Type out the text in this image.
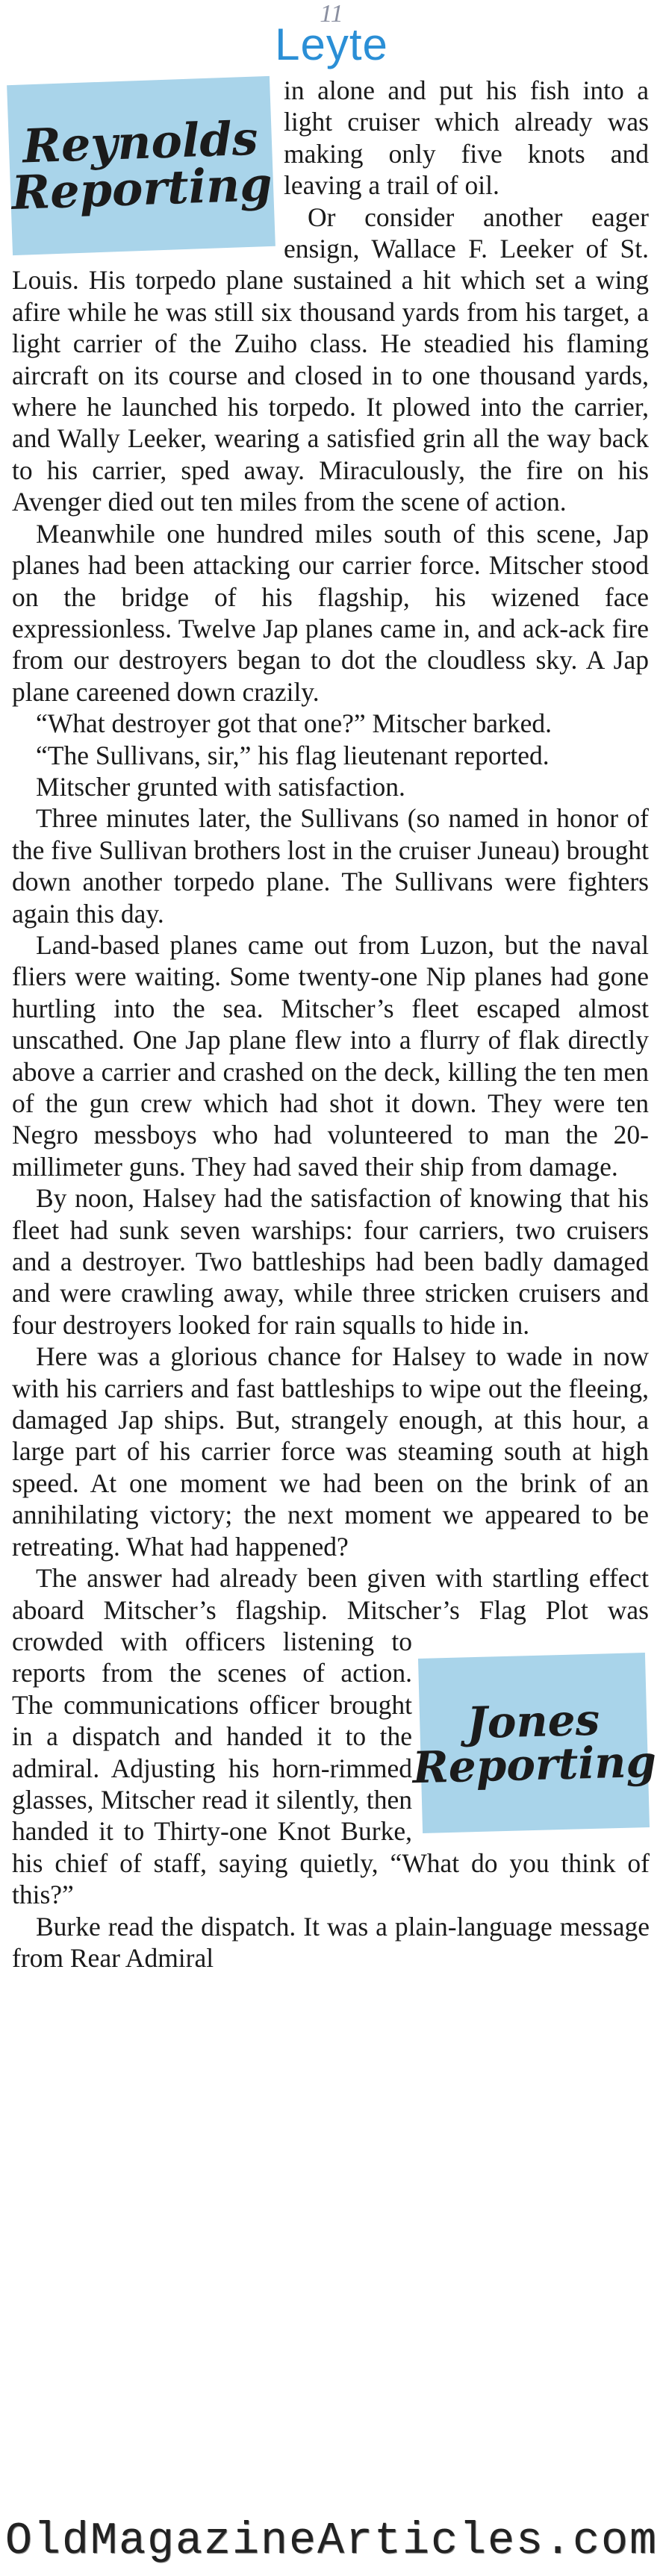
11
Leyte
Reynolds
Reporting
Jones
Reporting

in alone and put his fish into a light cruiser which already was making only five knots and leaving a trail of oil.

Or consider another eager ensign, Wallace F. Leeker of St. Louis. His torpedo plane sustained a hit which set a wing afire while he was still six thousand yards from his target, a light carrier of the Zuiho class. He steadied his flaming aircraft on its course and closed in to one thousand yards, where he launched his torpedo. It plowed into the carrier, and Wally Leeker, wearing a satisfied grin all the way back to his carrier, sped away. Miraculously, the fire on his Avenger died out ten miles from the scene of action.

Meanwhile one hundred miles south of this scene, Jap planes had been attacking our carrier force. Mitscher stood on the bridge of his flagship, his wizened face expressionless. Twelve Jap planes came in, and ack-ack fire from our destroyers began to dot the cloudless sky. A Jap plane careened down crazily.

“What destroyer got that one?” Mitscher barked.

“The Sullivans, sir,” his flag lieutenant reported.

Mitscher grunted with satisfaction.

Three minutes later, the Sullivans (so named in honor of the five Sullivan brothers lost in the cruiser Juneau) brought down another torpedo plane. The Sullivans were fighters again this day.

Land-based planes came out from Luzon, but the naval fliers were waiting. Some twenty-one Nip planes had gone hurtling into the sea. Mitscher’s fleet escaped almost unscathed. One Jap plane flew into a flurry of flak directly above a carrier and crashed on the deck, killing the ten men of the gun crew which had shot it down. They were ten Negro messboys who had volunteered to man the 20-millimeter guns. They had saved their ship from damage.

By noon, Halsey had the satisfaction of knowing that his fleet had sunk seven warships: four carriers, two cruisers and a destroyer. Two battleships had been badly damaged and were crawling away, while three stricken cruisers and four destroyers looked for rain squalls to hide in.

Here was a glorious chance for Halsey to wade in now with his carriers and fast battleships to wipe out the fleeing, damaged Jap ships. But, strangely enough, at this hour, a large part of his carrier force was steaming south at high speed. At one moment we had been on the brink of an annihilating victory; the next moment we appeared to be retreating. What had happened?

The answer had already been given with startling effect aboard Mitscher’s flagship. Mitscher’s Flag Plot was crowded with officers listening to reports from the scenes of action. The communications officer brought in a dispatch and handed it to the admiral. Adjusting his horn-rimmed glasses, Mitscher read it silently, then handed it to Thirty-one Knot Burke, his chief of staff, saying quietly, “What do you think of this?”

Burke read the dispatch. It was a plain-language message from Rear Admiral

OldMagazineArticles.com
